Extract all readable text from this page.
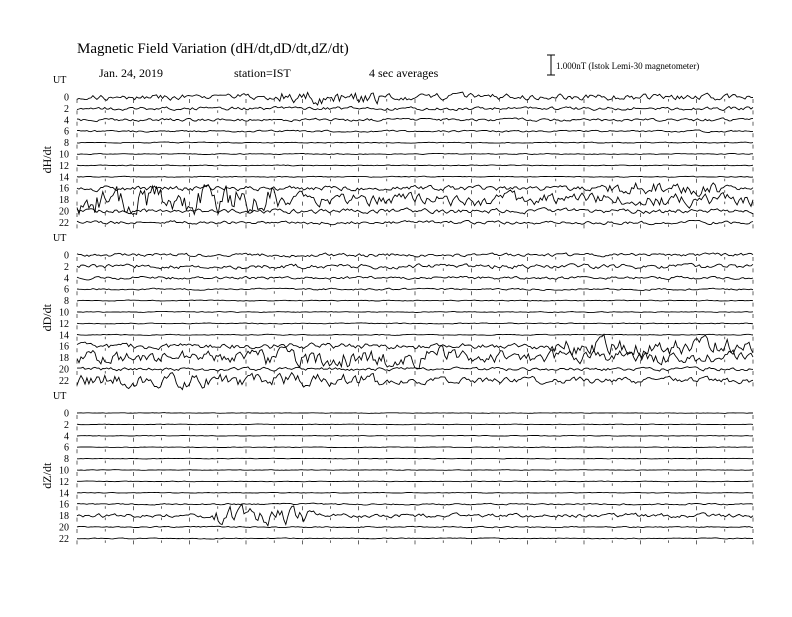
Magnetic Field Variation (dH/dt,dD/dt,dZ/dt)
Jan. 24, 2019	station=IST	4 sec averages	1.000nT (Istok Lemi-30 magnetometer)
UT
dH/dt
0
2
4
6
8
10
12
14
16
18
20
22
UT
dD/dt
0
2
4
6
8
10
12
14
16
18
20
22
UT
dZ/dt
0
2
4
6
8
10
12
14
16
18
20
22
